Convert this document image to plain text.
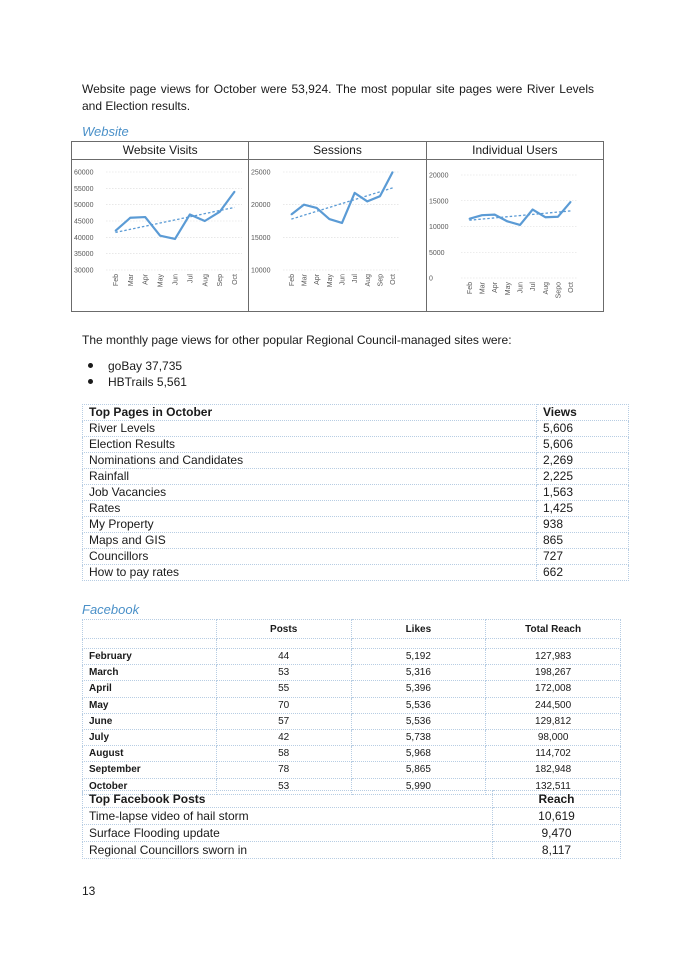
Website page views for October were 53,924. The most popular site pages were River Levels and Election results.

Website
Website Visits
30000
35000
40000
45000
50000
55000
60000
Feb Mar Apr May Jun Jul Aug Sep Oct
Sessions
10000
15000
20000
25000
Feb Mar Apr May Jun Jul Aug Sep Oct
Individual Users
0
5000
10000
15000
20000
Feb Mar Apr May Jun Jul Aug Sepo Oct

The monthly page views for other popular Regional Council-managed sites were:

goBay 37,735
HBTrails 5,561
Top Pages in October	Views
River Levels	5,606
Election Results	5,606
Nominations and Candidates	2,269
Rainfall	2,225
Job Vacancies	1,563
Rates	1,425
My Property	938
Maps and GIS	865
Councillors	727
How to pay rates	662
Facebook
	Posts	Likes	Total Reach

February	44	5,192	127,983
March	53	5,316	198,267
April	55	5,396	172,008
May	70	5,536	244,500
June	57	5,536	129,812
July	42	5,738	98,000
August	58	5,968	114,702
September	78	5,865	182,948
October	53	5,990	132,511
Top Facebook Posts	Reach
Time-lapse video of hail storm	10,619
Surface Flooding update	9,470
Regional Councillors sworn in	8,117
13
